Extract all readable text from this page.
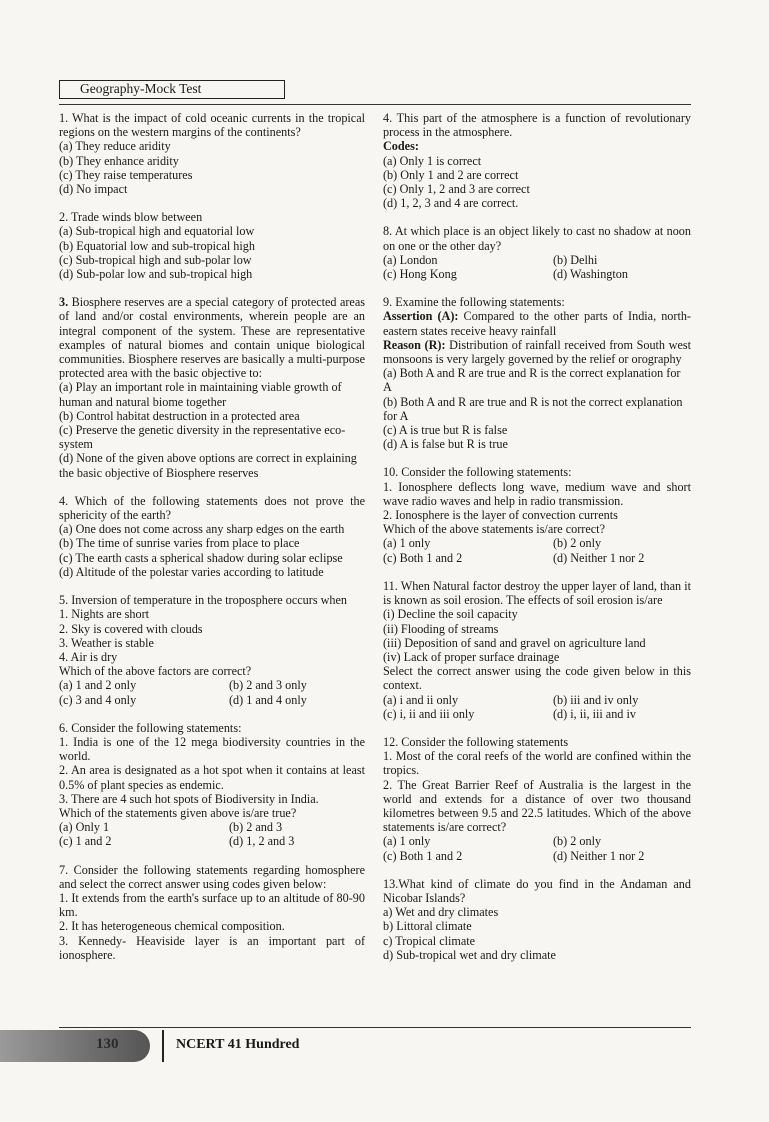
Geography-Mock Test

1. What is the impact of cold oceanic currents in the tropical regions on the western margins of the continents?

(a) They reduce aridity

(b) They enhance aridity

(c) They raise temperatures

(d) No impact

2. Trade winds blow between

(a) Sub-tropical high and equatorial low

(b) Equatorial low and sub-tropical high

(c) Sub-tropical high and sub-polar low

(d) Sub-polar low and sub-tropical high

3. Biosphere reserves are a special category of protected areas of land and/or costal environments, wherein people are an integral component of the system. These are representative examples of natural biomes and contain unique biological communities. Biosphere reserves are basically a multi-purpose protected area with the basic objective to:

(a) Play an important role in maintaining viable growth of human and natural biome together

(b) Control habitat destruction in a protected area

(c) Preserve the genetic diversity in the representative eco-system

(d) None of the given above options are correct in explaining the basic objective of Biosphere reserves

4. Which of the following statements does not prove the sphericity of the earth?

(a) One does not come across any sharp edges on the earth

(b) The time of sunrise varies from place to place

(c) The earth casts a spherical shadow during solar eclipse

(d) Altitude of the polestar varies according to latitude

5. Inversion of temperature in the troposphere occurs when

1. Nights are short

2. Sky is covered with clouds

3. Weather is stable

4. Air is dry

Which of the above factors are correct?

(a) 1 and 2 only	(b) 2 and 3 only
(c) 3 and 4 only	(d) 1 and 4 only

6. Consider the following statements:

1. India is one of the 12 mega biodiversity countries in the world.

2. An area is designated as a hot spot when it contains at least 0.5% of plant species as endemic.

3. There are 4 such hot spots of Biodiversity in India.

Which of the statements given above is/are true?

(a) Only 1	(b) 2 and 3
(c) 1 and 2	(d) 1, 2 and 3

7. Consider the following statements regarding homosphere and select the correct answer using codes given below:

1. It extends from the earth's surface up to an altitude of 80-90 km.

2. It has heterogeneous chemical composition.

3. Kennedy- Heaviside layer is an important part of ionosphere.

4. This part of the atmosphere is a function of revolutionary process in the atmosphere.

Codes:

(a) Only 1 is correct

(b) Only 1 and 2 are correct

(c) Only 1, 2 and 3 are correct

(d) 1, 2, 3 and 4 are correct.

8. At which place is an object likely to cast no shadow at noon on one or the other day?

(a) London	(b) Delhi
(c) Hong Kong	(d) Washington

9. Examine the following statements:

Assertion (A): Compared to the other parts of India, north-eastern states receive heavy rainfall

Reason (R): Distribution of rainfall received from South west monsoons is very largely governed by the relief or orography

(a) Both A and R are true and R is the correct explanation for A

(b) Both A and R are true and R is not the correct explanation for A

(c) A is true but R is false

(d) A is false but R is true

10. Consider the following statements:

1. Ionosphere deflects long wave, medium wave and short wave radio waves and help in radio transmission.

2. Ionosphere is the layer of convection currents

Which of the above statements is/are correct?

(a) 1 only	(b) 2 only
(c) Both 1 and 2	(d) Neither 1 nor 2

11. When Natural factor destroy the upper layer of land, than it is known as soil erosion. The effects of soil erosion is/are

(i) Decline the soil capacity

(ii) Flooding of streams

(iii) Deposition of sand and gravel on agriculture land

(iv) Lack of proper surface drainage

Select the correct answer using the code given below in this context.

(a) i and ii only	(b) iii and iv only
(c) i, ii and iii only	(d) i, ii, iii and iv

12. Consider the following statements

1. Most of the coral reefs of the world are confined within the tropics.

2. The Great Barrier Reef of Australia is the largest in the world and extends for a distance of over two thousand kilometres between 9.5 and 22.5 latitudes. Which of the above statements is/are correct?

(a) 1 only	(b) 2 only
(c) Both 1 and 2	(d) Neither 1 nor 2

13.What kind of climate do you find in the Andaman and Nicobar Islands?

a) Wet and dry climates

b) Littoral climate

c) Tropical climate

d) Sub-tropical wet and dry climate

130	NCERT 41 Hundred
